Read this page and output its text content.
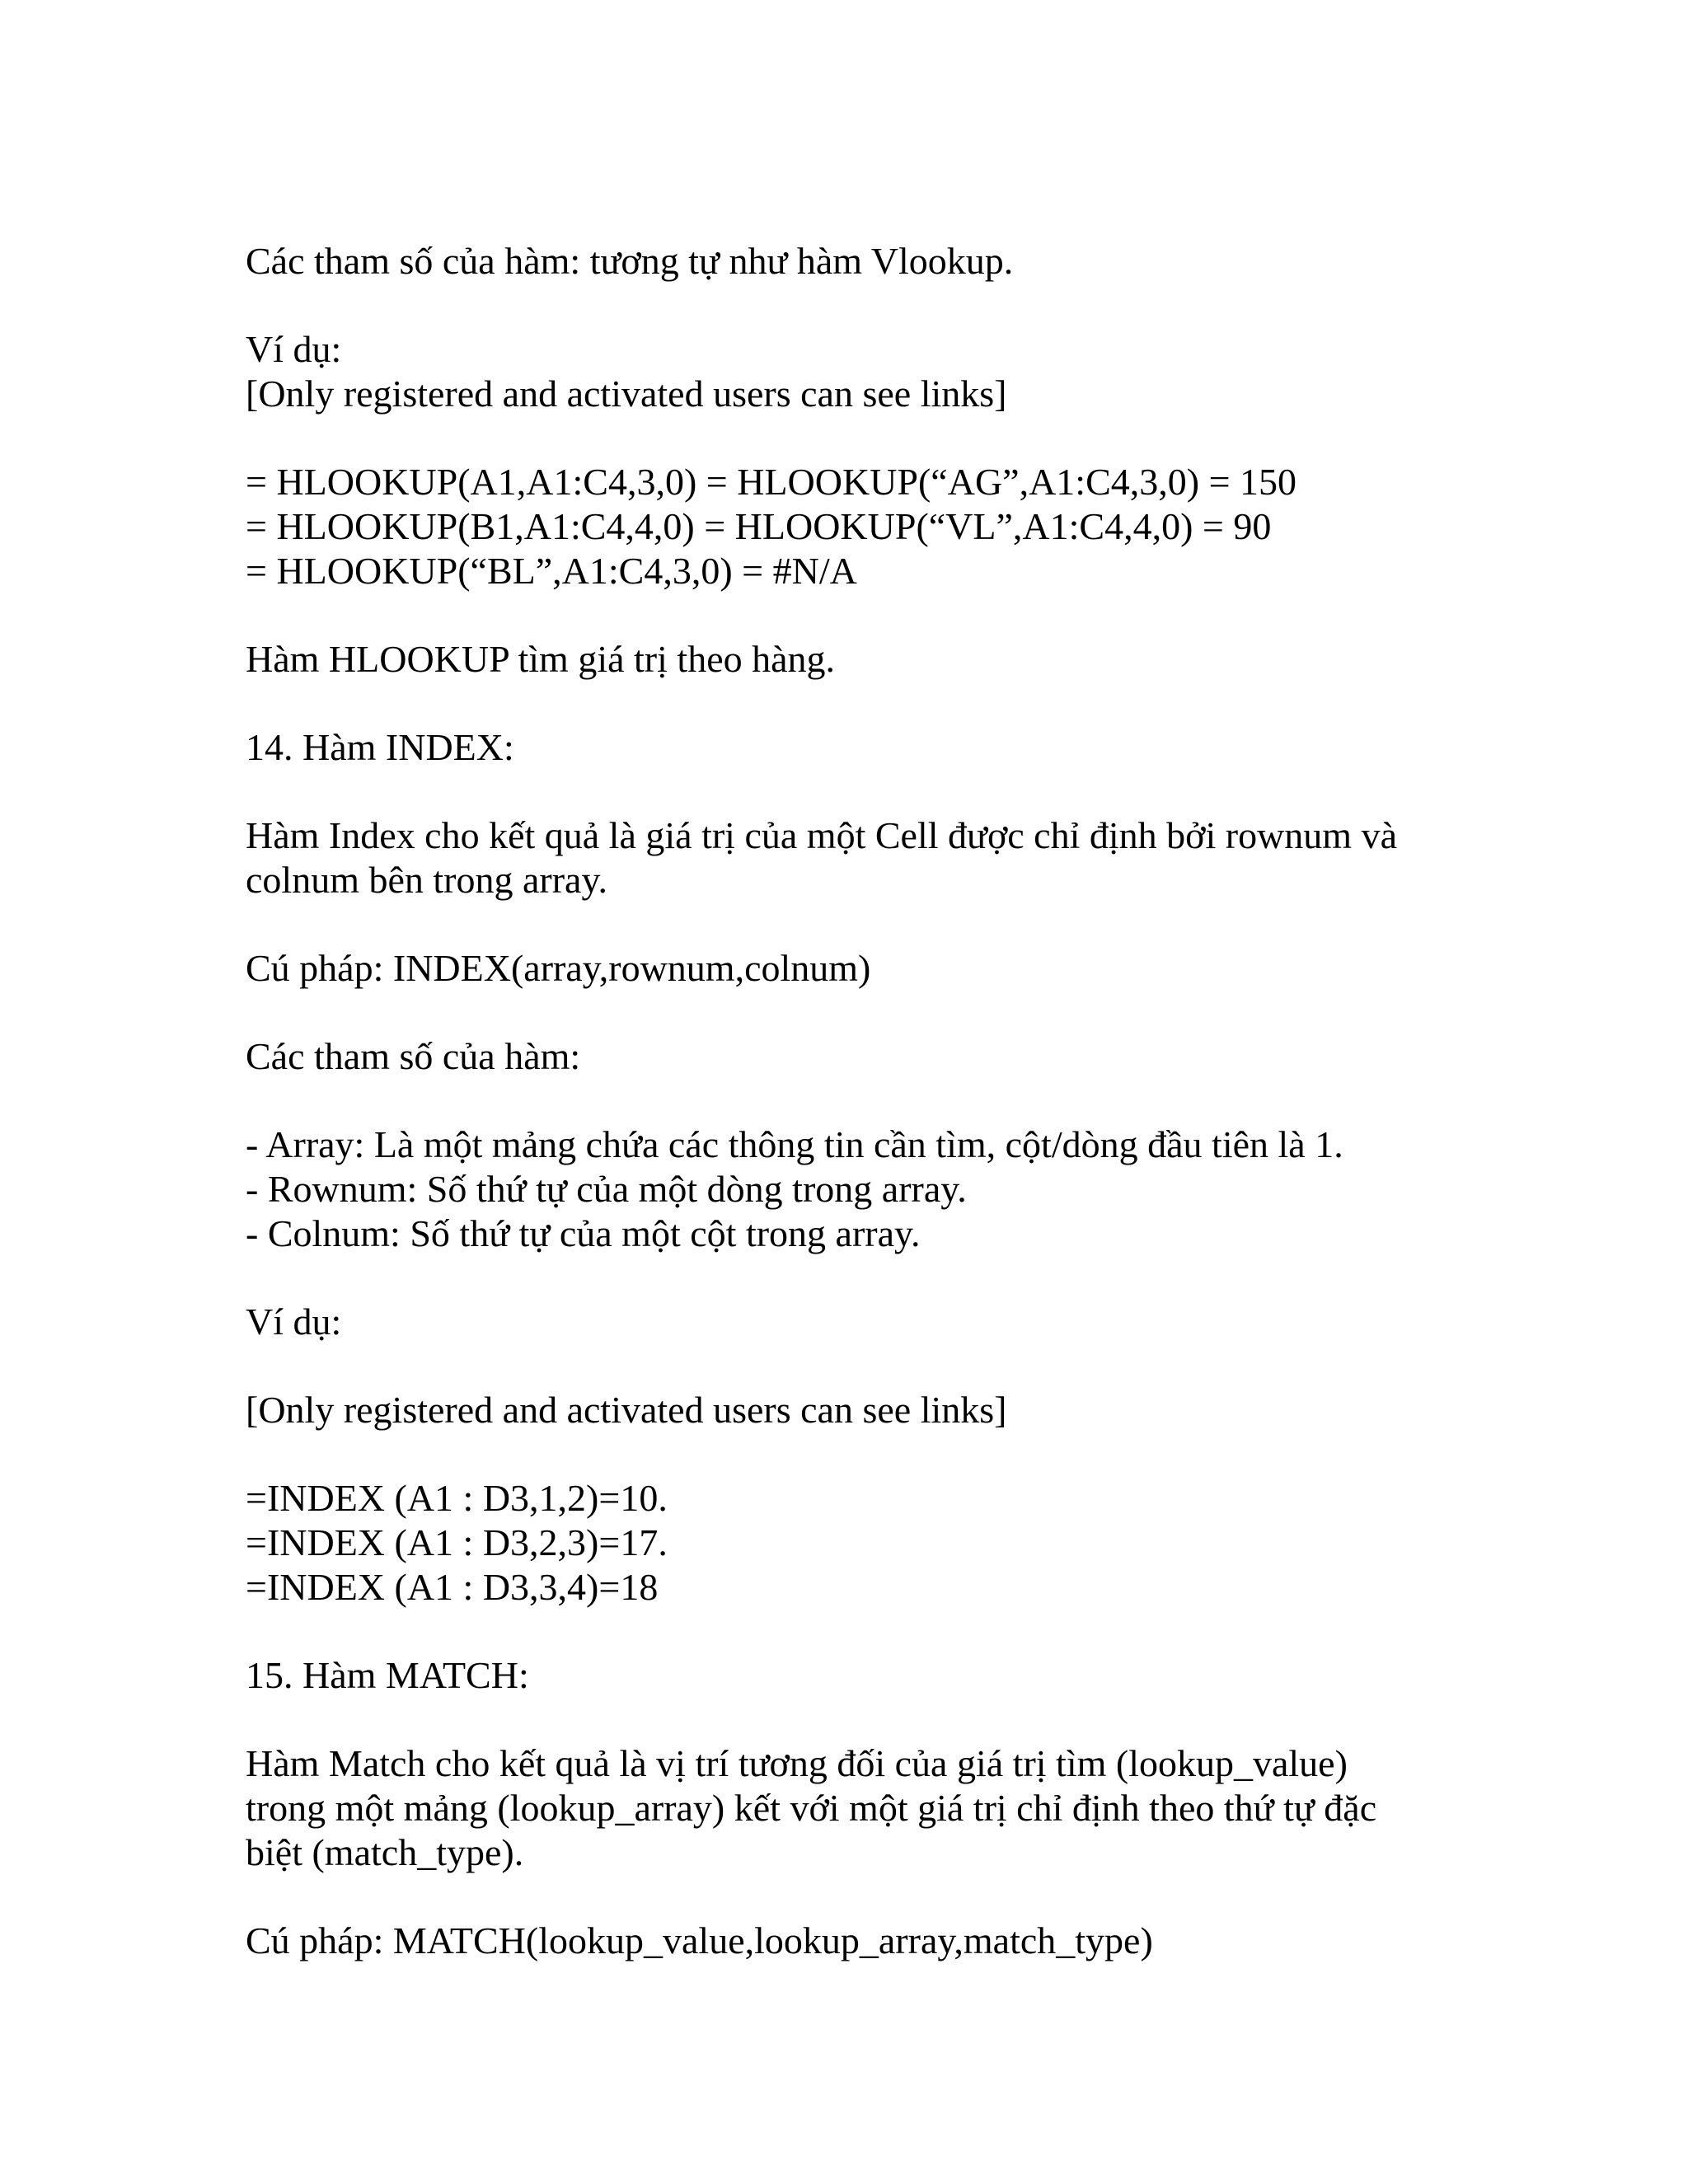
Các tham số của hàm: tương tự như hàm Vlookup.

Ví dụ:

[Only registered and activated users can see links]

= HLOOKUP(A1,A1:C4,3,0) = HLOOKUP(“AG”,A1:C4,3,0) = 150

= HLOOKUP(B1,A1:C4,4,0) = HLOOKUP(“VL”,A1:C4,4,0) = 90

= HLOOKUP(“BL”,A1:C4,3,0) = #N/A

Hàm HLOOKUP tìm giá trị theo hàng.

14. Hàm INDEX:

Hàm Index cho kết quả là giá trị của một Cell được chỉ định bởi rownum và

colnum bên trong array.

Cú pháp: INDEX(array,rownum,colnum)

Các tham số của hàm:

- Array: Là một mảng chứa các thông tin cần tìm, cột/dòng đầu tiên là 1.

- Rownum: Số thứ tự của một dòng trong array.

- Colnum: Số thứ tự của một cột trong array.

Ví dụ:

[Only registered and activated users can see links]

=INDEX (A1 : D3,1,2)=10.

=INDEX (A1 : D3,2,3)=17.

=INDEX (A1 : D3,3,4)=18

15. Hàm MATCH:

Hàm Match cho kết quả là vị trí tương đối của giá trị tìm (lookup_value)

trong một mảng (lookup_array) kết với một giá trị chỉ định theo thứ tự đặc

biệt (match_type).

Cú pháp: MATCH(lookup_value,lookup_array,match_type)
